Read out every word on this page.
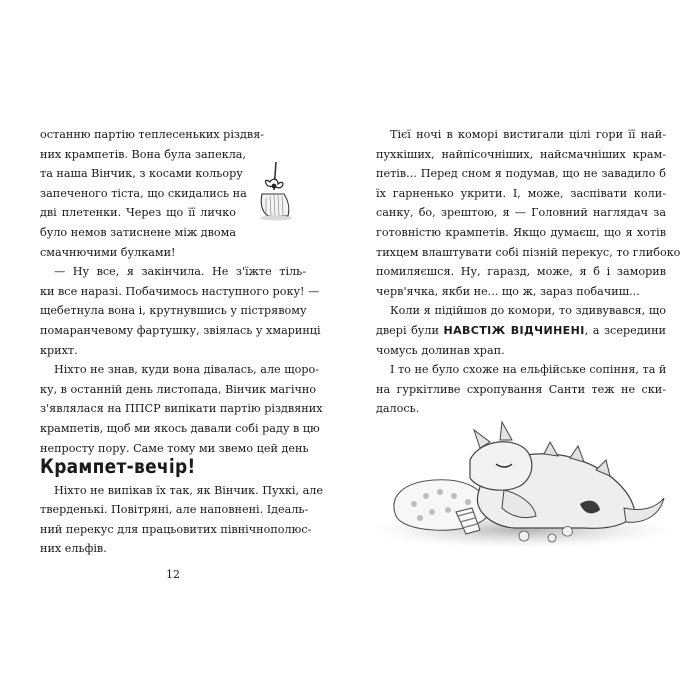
останню партію теплесеньких різдвя-
них крампетів. Вона була запекла,
та наша Вінчик, з косами кольору
запеченого тіста, що скидались на
дві плетенки. Через що її личко
було немов затиснене між двома
смачнючими булками!

— Ну все, я закінчила. Не з'їжте тіль-
ки все наразі. Побачимось наступного року! —
щебетнула вона і, крутнувшись у пістрявому
помаранчевому фартушку, звіялась у хмаринці
крихт.

Ніхто не знав, куди вона дівалась, але щоро-
ку, в останній день листопада, Вінчик магічно
з'являлася на ППСР випікати партію різдвяних
крампетів, щоб ми якось давали собі раду в цю
непросту пору. Саме тому ми звемо цей день

Крампет-вечір!

Ніхто не випікав їх так, як Вінчик. Пухкі, але
тверденькі. Повітряні, але наповнені. Ідеаль-
ний перекус для працьовитих північнополюс-
них ельфів.

12

Тієї ночі в коморі вистигали цілі гори її най-
пухкіших, найпісочніших, найсмачніших крам-
петів... Перед сном я подумав, що не завадило б
їх гарненько укрити. І, може, заспівати коли-
санку, бо, зрештою, я — Головний наглядач за
готовністю крампетів. Якщо думаєш, що я хотів
тихцем влаштувати собі пізній перекус, то глибоко
помиляєшся. Ну, гаразд, може, я б і заморив
черв'ячка, якби не... що ж, зараз побачиш...

Коли я підійшов до комори, то здивувався, що
двері були НАВСТІЖ ВІДЧИНЕНІ, а зсередини
чомусь долинав храп.

І то не було схоже на ельфійське сопіння, та й
на гуркітливе схропування Санти теж не ски-
далось.
